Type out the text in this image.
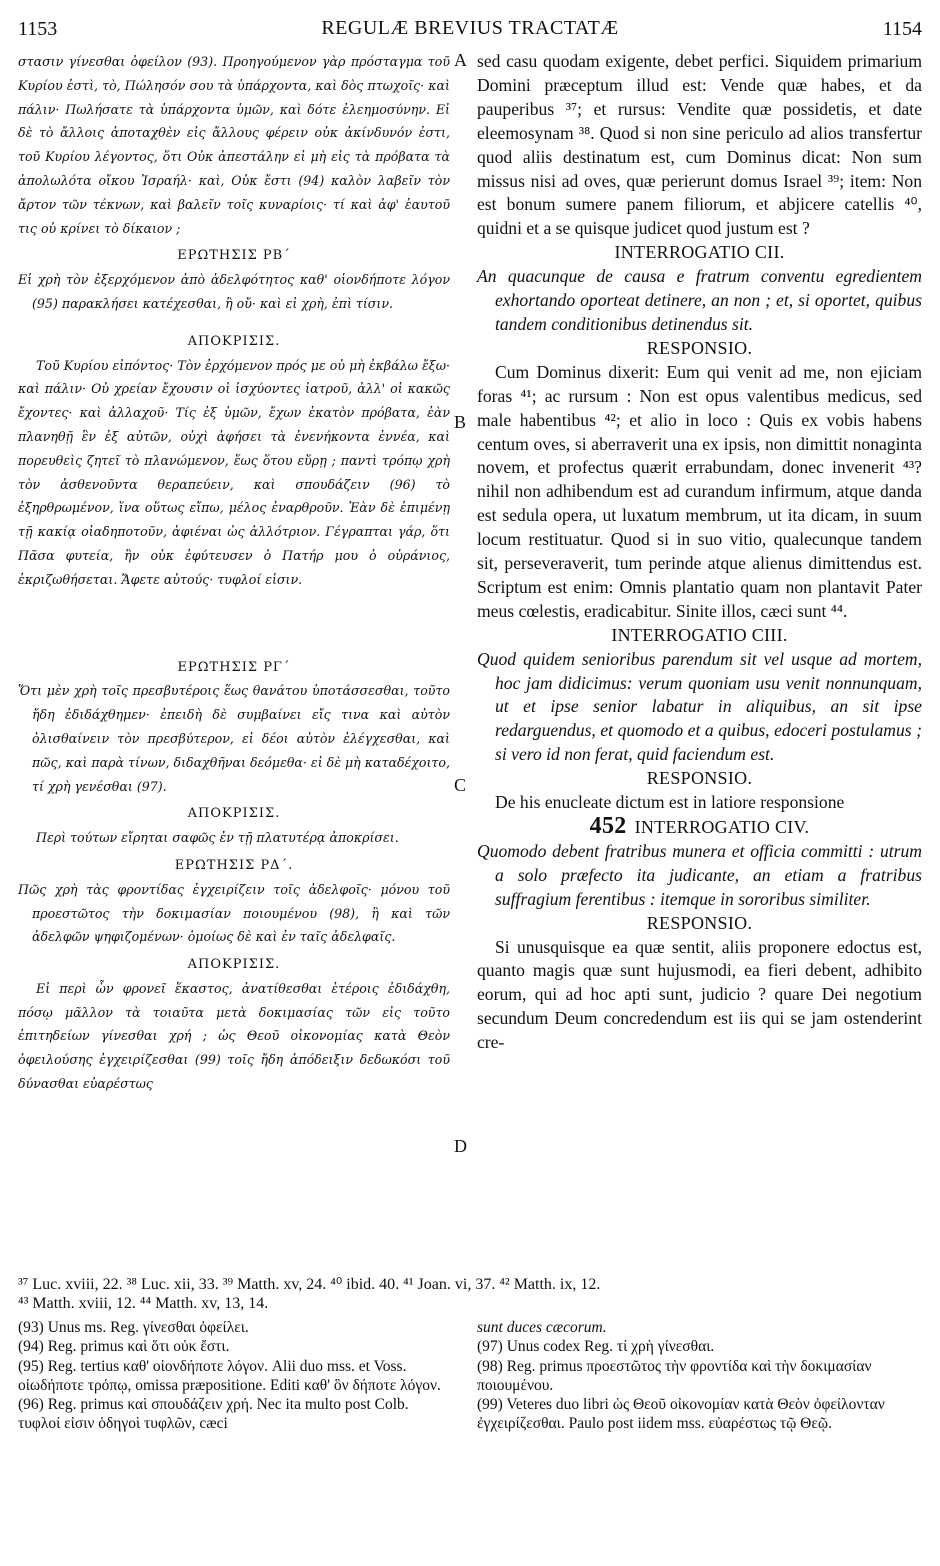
1153	REGULÆ BREVIUS TRACTATÆ	1154

στασιν γίνεσθαι ὀφείλον (93). Προηγούμενον γὰρ πρόσταγμα τοῦ Κυρίου ἐστὶ, τὸ, Πώλησόν σου τὰ ὑπάρχοντα, καὶ δὸς πτωχοῖς· καὶ πάλιν· Πωλήσατε τὰ ὑπάρχοντα ὑμῶν, καὶ δότε ἐλεημοσύνην. Εἰ δὲ τὸ ἄλλοις ἀποταχθὲν εἰς ἄλλους φέρειν οὐκ ἀκίνδυνόν ἐστι, τοῦ Κυρίου λέγοντος, ὅτι Οὐκ ἀπεστάλην εἰ μὴ εἰς τὰ πρόβατα τὰ ἀπολωλότα οἴκου Ἰσραήλ· καὶ, Οὐκ ἔστι (94) καλὸν λαβεῖν τὸν ἄρτον τῶν τέκνων, καὶ βαλεῖν τοῖς κυναρίοις· τί καὶ ἀφ' ἑαυτοῦ τις οὐ κρίνει τὸ δίκαιον ;

ΕΡΩΤΗΣΙΣ ΡΒ΄

Εἰ χρὴ τὸν ἐξερχόμενον ἀπὸ ἀδελφότητος καθ' οἱονδήποτε λόγον (95) παρακλήσει κατέχεσθαι, ἢ οὔ· καὶ εἰ χρὴ, ἐπὶ τίσιν.

ΑΠΟΚΡΙΣΙΣ.

Τοῦ Κυρίου εἰπόντος· Τὸν ἐρχόμενον πρός με οὐ μὴ ἐκβάλω ἔξω· καὶ πάλιν· Οὐ χρείαν ἔχουσιν οἱ ἰσχύοντες ἰατροῦ, ἀλλ' οἱ κακῶς ἔχοντες· καὶ ἀλλαχοῦ· Τίς ἐξ ὑμῶν, ἔχων ἑκατὸν πρόβατα, ἐὰν πλανηθῇ ἓν ἐξ αὐτῶν, οὐχὶ ἀφήσει τὰ ἐνενήκοντα ἐννέα, καὶ πορευθεὶς ζητεῖ τὸ πλανώμενον, ἕως ὅτου εὕρῃ ; παντὶ τρόπῳ χρὴ τὸν ἀσθενοῦντα θεραπεύειν, καὶ σπουδάζειν (96) τὸ ἐξηρθρωμένον, ἵνα οὕτως εἴπω, μέλος ἐναρθροῦν. Ἐὰν δὲ ἐπιμένῃ τῇ κακίᾳ οἱαδηποτοῦν, ἀφιέναι ὡς ἀλλότριον. Γέγραπται γάρ, ὅτι Πᾶσα φυτεία, ἣν οὐκ ἐφύτευσεν ὁ Πατήρ μου ὁ οὐράνιος, ἐκριζωθήσεται. Ἄφετε αὐτούς· τυφλοί εἰσιν.

ΕΡΩΤΗΣΙΣ ΡΓ΄

Ὅτι μὲν χρὴ τοῖς πρεσβυτέροις ἕως θανάτου ὑποτάσσεσθαι, τοῦτο ἤδη ἐδιδάχθημεν· ἐπειδὴ δὲ συμβαίνει εἴς τινα καὶ αὐτὸν ὀλισθαίνειν τὸν πρεσβύτερον, εἰ δέοι αὐτὸν ἐλέγχεσθαι, καὶ πῶς, καὶ παρὰ τίνων, διδαχθῆναι δεόμεθα· εἰ δὲ μὴ καταδέχοιτο, τί χρὴ γενέσθαι (97).

ΑΠΟΚΡΙΣΙΣ.

Περὶ τούτων εἴρηται σαφῶς ἐν τῇ πλατυτέρᾳ ἀποκρίσει.

ΕΡΩΤΗΣΙΣ ΡΔ΄.

Πῶς χρὴ τὰς φροντίδας ἐγχειρίζειν τοῖς ἀδελφοῖς· μόνου τοῦ προεστῶτος τὴν δοκιμασίαν ποιουμένου (98), ἢ καὶ τῶν ἀδελφῶν ψηφιζομένων· ὁμοίως δὲ καὶ ἐν ταῖς ἀδελφαῖς.

ΑΠΟΚΡΙΣΙΣ.

Εἰ περὶ ὧν φρονεῖ ἕκαστος, ἀνατίθεσθαι ἑτέροις ἐδιδάχθη, πόσῳ μᾶλλον τὰ τοιαῦτα μετὰ δοκιμασίας τῶν εἰς τοῦτο ἐπιτηδείων γίνεσθαι χρή ; ὡς Θεοῦ οἰκονομίας κατὰ Θεὸν ὀφειλούσης ἐγχειρίζεσθαι (99) τοῖς ἤδη ἀπόδειξιν δεδωκόσι τοῦ δύνασθαι εὐαρέστως

A
B
C
D

sed casu quodam exigente, debet perfici. Siquidem primarium Domini præceptum illud est: Vende quæ habes, et da pauperibus ³⁷; et rursus: Vendite quæ possidetis, et date eleemosynam ³⁸. Quod si non sine periculo ad alios transfertur quod aliis destinatum est, cum Dominus dicat: Non sum missus nisi ad oves, quæ perierunt domus Israel ³⁹; item: Non est bonum sumere panem filiorum, et abjicere catellis ⁴⁰, quidni et a se quisque judicet quod justum est ?

INTERROGATIO CII.

An quacunque de causa e fratrum conventu egredientem exhortando oporteat detinere, an non ; et, si oportet, quibus tandem conditionibus detinendus sit.

RESPONSIO.

Cum Dominus dixerit: Eum qui venit ad me, non ejiciam foras ⁴¹; ac rursum : Non est opus valentibus medicus, sed male habentibus ⁴²; et alio in loco : Quis ex vobis habens centum oves, si aberraverit una ex ipsis, non dimittit nonaginta novem, et profectus quærit errabundam, donec invenerit ⁴³? nihil non adhibendum est ad curandum infirmum, atque danda est sedula opera, ut luxatum membrum, ut ita dicam, in suum locum restituatur. Quod si in suo vitio, qualecunque tandem sit, perseveraverit, tum perinde atque alienus dimittendus est. Scriptum est enim: Omnis plantatio quam non plantavit Pater meus cœlestis, eradicabitur. Sinite illos, cæci sunt ⁴⁴.

INTERROGATIO CIII.

Quod quidem senioribus parendum sit vel usque ad mortem, hoc jam didicimus: verum quoniam usu venit nonnunquam, ut et ipse senior labatur in aliquibus, an sit ipse redarguendus, et quomodo et a quibus, edoceri postulamus ; si vero id non ferat, quid faciendum est.

RESPONSIO.

De his enucleate dictum est in latiore responsione

452 INTERROGATIO CIV.

Quomodo debent fratribus munera et officia committi : utrum a solo præfecto ita judicante, an etiam a fratribus suffragium ferentibus : itemque in sororibus similiter.

RESPONSIO.

Si unusquisque ea quæ sentit, aliis proponere edoctus est, quanto magis quæ sunt hujusmodi, ea fieri debent, adhibito eorum, qui ad hoc apti sunt, judicio ? quare Dei negotium secundum Deum concredendum est iis qui se jam ostenderint cre-

³⁷ Luc. xviii, 22. ³⁸ Luc. xii, 33. ³⁹ Matth. xv, 24. ⁴⁰ ibid. 40. ⁴¹ Joan. vi, 37. ⁴² Matth. ix, 12.

⁴³ Matth. xviii, 12. ⁴⁴ Matth. xv, 13, 14.

(93) Unus ms. Reg. γίνεσθαι ὀφείλει.

(94) Reg. primus καὶ ὅτι οὐκ ἔστι.

(95) Reg. tertius καθ' οἱονδήποτε λόγον. Alii duo mss. et Voss. οἱωδήποτε τρόπῳ, omissa præpositione. Editi καθ' ὃν δήποτε λόγον.

(96) Reg. primus καὶ σπουδάζειν χρή. Nec ita multo post Colb. τυφλοί εἰσιν ὁδηγοὶ τυφλῶν, cæci

sunt duces cæcorum.

(97) Unus codex Reg. τί χρὴ γίνεσθαι.

(98) Reg. primus προεστῶτος τὴν φροντίδα καὶ τὴν δοκιμασίαν ποιουμένου.

(99) Veteres duo libri ὡς Θεοῦ οἰκονομίαν κατὰ Θεὸν ὀφείλονταν ἐγχειρίζεσθαι. Paulo post iidem mss. εὐαρέστως τῷ Θεῷ.
